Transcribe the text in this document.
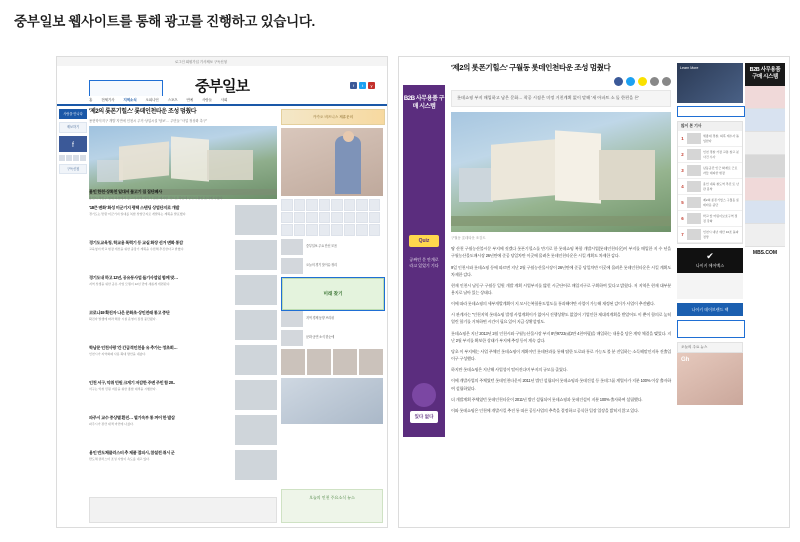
중부일보 웹사이트를 통해 광고를 진행하고 있습니다.
로그인 회원가입 기사제보 구독신청
중부일보	f	t	y
홈	전체기사	지역소식	오피니언	스포츠	연예	사람들	사회
사람을 만나다
제보하기
f
구독신청
'제2의 롯폰기힐스' 롯데인천타운 조성 멈췄다
용현학익지구 개발 지연에 인천시 주거·상업시설 '답보'… 주민들 "사업 정상화 촉구"
용인 한천·상록천 일대서 물고기 집 집단폐사
용인시 처인구 일대 하천에서 물고기 수백 마리가 집단 폐사한 것으로 확인돼 당국이 원인 조사에 나섰다.
'18큰 변화' 화성 미군기지 평택 스탠딩 상업단지로 개발
경기도는 반환 미군기지 일대를 복합 상업단지로 개발하는 계획을 발표했다.
경기도교육청, 학교용 폭력기 등 교실 화장 선거 변화 통감
교육청이 학교 현장 개선을 위한 중장기 계획을 수립해 추진한다고 밝혔다.
경기도내 하고 12년, 공유동사업 들기사업일 함께 맞…
지역 상생을 위한 공유 사업 모델이 12년 만에 새롭게 개편된다.
코로나19 확진자 나온 문화초·상인전래 통고 중단
확진자 발생에 따라 해당 시설 운영이 잠정 중단됐다.
학남문 인천사랑 '간 간급격인천움 유 추가는 정초회…
인천시가 지역화폐 사용 확대 방안을 내놨다.
인천 서구, 악취 민원 크게기 저감한 주변 주민 함 20..
서구는 악취 민원 저감을 위한 종합 대책을 시행한다.
파주시 교수 중상별 환진… 열기속부 통 껴어 한 발삼
파주시가 관련 대책 마련에 나섰다.
용인 반도체클러스터 추 제품 접피시, 참설전 취시 군
반도체 클러스터 조성 사업이 속도를 내고 있다.
카카오 비즈니스 제휴문의
중부일보 주요 단신 모음
오늘의 경기 핫이슈 정리
미래 찾기
지역 경제 동향 브리핑
문화·공연 소식 한눈에
오늘의 인천 주요소식 뉴스
B2B 사무용품 구매 시스템
Quiz
공짜인 문 안개로 라고 있었기 기다
있다 없다
'제2의 롯폰기힐스' 구월동 롯데인천타운 조성 멈췄다
롯데쇼핑 부지 매입하고 남은 문화… 착공 시점은 미정 거친계획 없이 말해 '새 아파트 소 돌 한편을 론'
구월동 롯데타운 조감도

땅 산천 구월농산불시문 부지에 짓겠다 롯폰기힐스를 만기로 한 롯데쇼핑 복합 개발시업(롯데인천타운)이 부지를 매입한 지 수 년을 구월농산물도매시장 26년만에 준공 당일차만 이곳에 몰려온 롯데인천타운은 시킬 계획도 차제한 감다.

9일 인천시와 롯데쇼핑 등에 따르면 지난 2월 구월농산물시장이 26년만에 준공 당일차만 이곳에 몰려온 롯데인천타운은 시킬 계획도 차제한 감다.

현재 인천시 남동구 구월동 일원 개발 계획 시업부지를 밟힌 시군단어로 매입지구로 구획하여 있다고 밝혔다. 저 지역은 현재 대부분 용지로 남아 있는 상태다.

이에 따라 롯데쇼핑의 세부개발계획이 지 모시는복합용도업도를 통과해야만 사업이 가능해 재정된 감이가 사업이 추진됐다.

시 관계자는 "인천지역 롯데쇼핑 발생 사업계획이가 없어서 진행상황도 없었어 기업인한 제대적계획을 받았어도 이 뿐이 합의로 높히 열린 합기를 거쳐하면 시간이 필요 있어 지금 상황설명도.

롯데쇼핑은 지난 2013년 2월 인천시와 구월농산물시장 부지 8만9723㎡(2만 4천여평)을 매입하는 내용을 담은 계약 체결을 맺었다. 지난 2월 부지를 확보한 상태가 부지에 추정 등이 계속 감다.

당초 이 부지에는 사업 주체인 롯데쇼핑이 계획이던 롯데단과를 통해 탑한 도로와 통로 가능도 볼 분 진입하는 소득해말인지록 진출입이구 구성했다.

하지만 롯데쇼핑은 지난해 사업성이 떨어진다며 부지의 규모를 줄였다.

이에 개발사업의 주체였던 롯데인천타운이 2011년 법인 설립되어 롯데쇼핑과 롯데건설 등 롯데그룹 계열사가 지분 100% 이상 출자하여 설립하였다.

더 개발계획 주체였던 롯데인천타운이 2011년 법인 설립되어 롯데쇼핑과 롯데건설이 지분 100% 출자하여 설립했다.

이와 롯데쇼핑은 인천에 개발시킬 추진 통 따른 공동사업의 추측을 결정하고 공식한 입장 입장을 밝히지 않고 있다.

Learn More
많이 본 기사
1	세종대 경찰, 의혹 재수사 돌입한다
2	인천 경찰 가장 교통 참고 분 사건 수사
3	남동공단 인근 화재로 근로자들 대피한 현장
4	용인 내륙 철도역 추진 또 난관 봉착
5	제2의 롯폰기힐스 구월동 롯데타운 중단
6	학교 앞 어린이보호구역 점검 강화
7	인천시 내년 예산 10조 돌파 전망
✔
나이키 에어맥스
나이키 데이브랜드 팩
오늘의 주요 뉴스
Gh
B2B 사무용품 구매 시스템
MBS.COM
